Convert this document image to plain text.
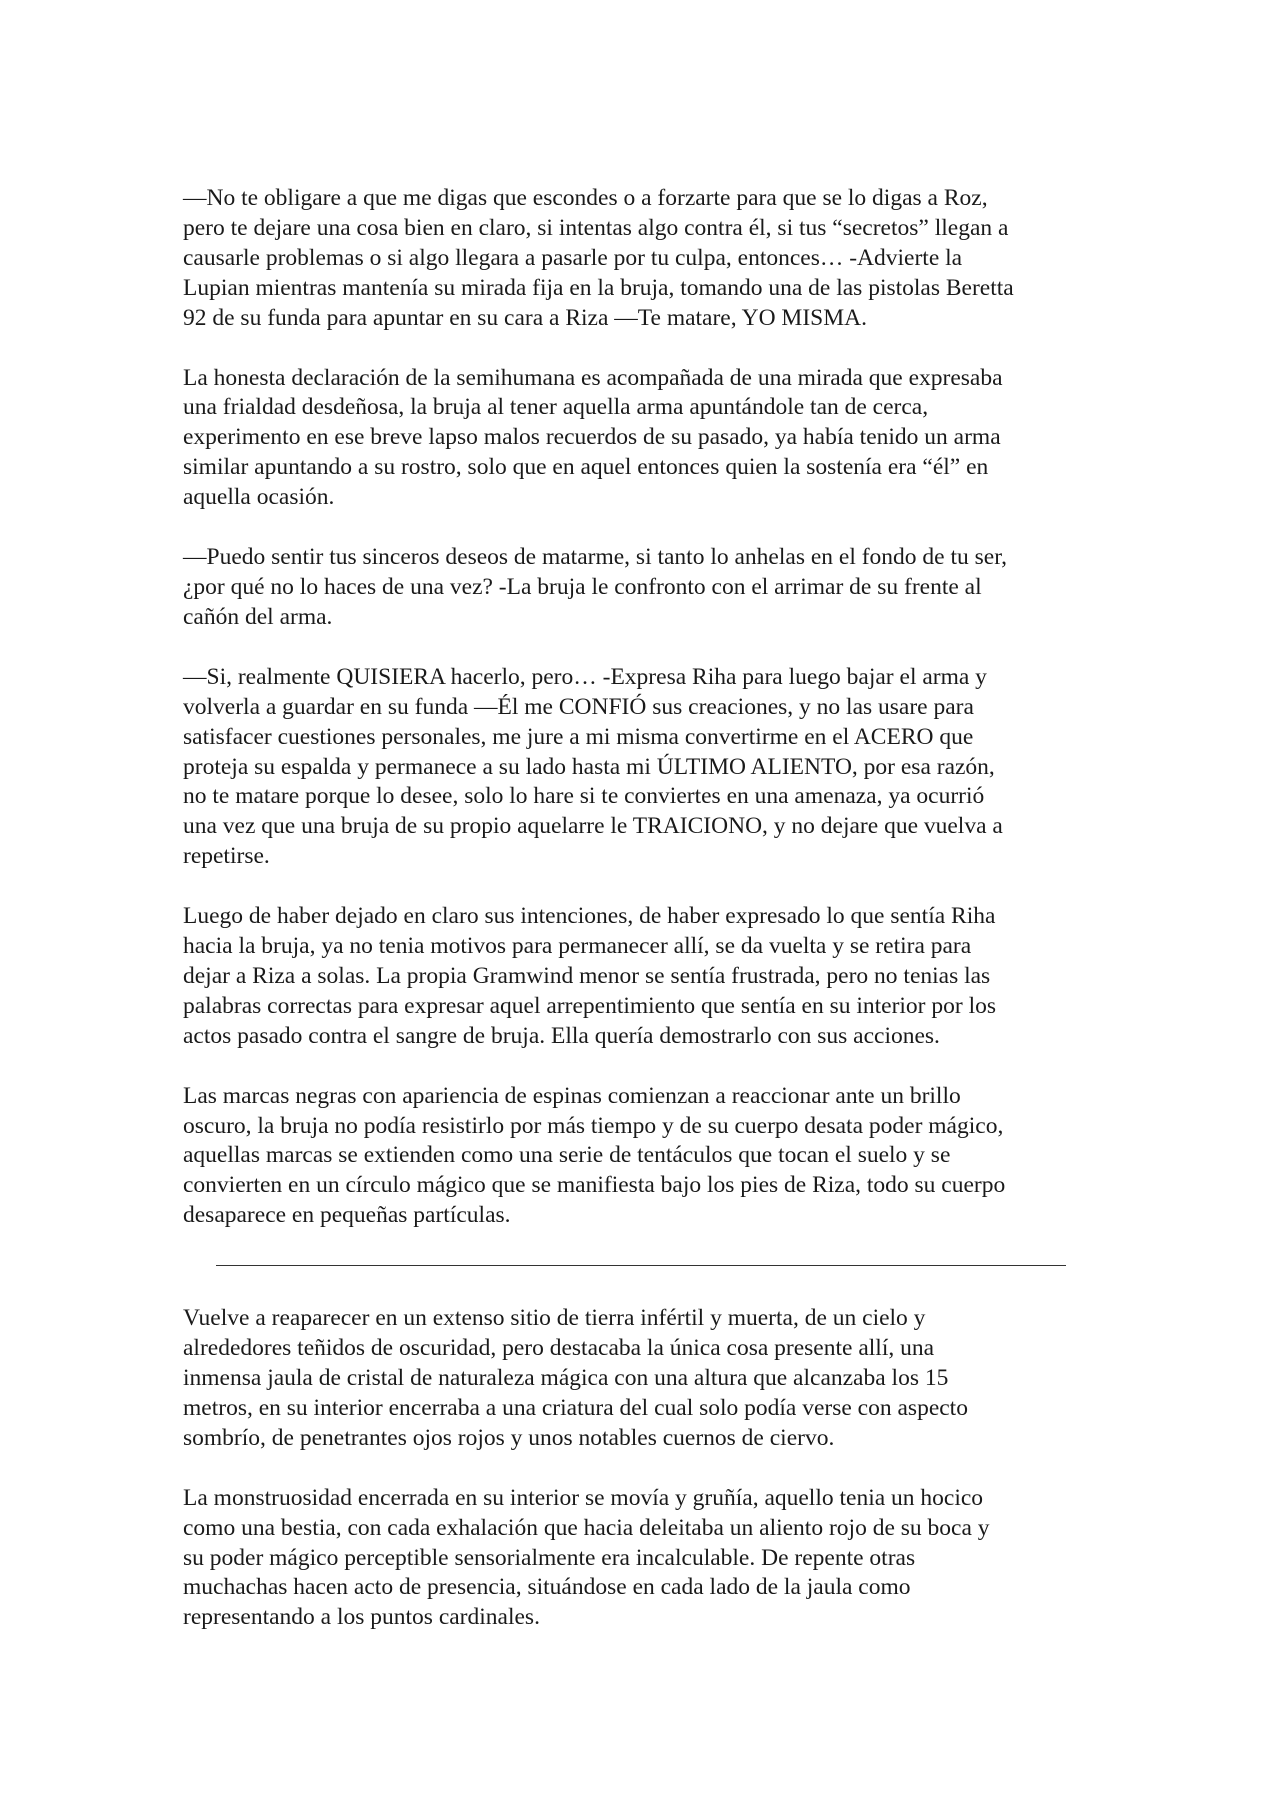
—No te obligare a que me digas que escondes o a forzarte para que se lo digas a Roz,
pero te dejare una cosa bien en claro, si intentas algo contra él, si tus “secretos” llegan a
causarle problemas o si algo llegara a pasarle por tu culpa, entonces… -Advierte la
Lupian mientras mantenía su mirada fija en la bruja, tomando una de las pistolas Beretta
92 de su funda para apuntar en su cara a Riza —Te matare, YO MISMA.

La honesta declaración de la semihumana es acompañada de una mirada que expresaba
una frialdad desdeñosa, la bruja al tener aquella arma apuntándole tan de cerca,
experimento en ese breve lapso malos recuerdos de su pasado, ya había tenido un arma
similar apuntando a su rostro, solo que en aquel entonces quien la sostenía era “él” en
aquella ocasión.

—Puedo sentir tus sinceros deseos de matarme, si tanto lo anhelas en el fondo de tu ser,
¿por qué no lo haces de una vez? -La bruja le confronto con el arrimar de su frente al
cañón del arma.

—Si, realmente QUISIERA hacerlo, pero… -Expresa Riha para luego bajar el arma y
volverla a guardar en su funda —Él me CONFIÓ sus creaciones, y no las usare para
satisfacer cuestiones personales, me jure a mi misma convertirme en el ACERO que
proteja su espalda y permanece a su lado hasta mi ÚLTIMO ALIENTO, por esa razón,
no te matare porque lo desee, solo lo hare si te conviertes en una amenaza, ya ocurrió
una vez que una bruja de su propio aquelarre le TRAICIONO, y no dejare que vuelva a
repetirse.

Luego de haber dejado en claro sus intenciones, de haber expresado lo que sentía Riha
hacia la bruja, ya no tenia motivos para permanecer allí, se da vuelta y se retira para
dejar a Riza a solas. La propia Gramwind menor se sentía frustrada, pero no tenias las
palabras correctas para expresar aquel arrepentimiento que sentía en su interior por los
actos pasado contra el sangre de bruja. Ella quería demostrarlo con sus acciones.

Las marcas negras con apariencia de espinas comienzan a reaccionar ante un brillo
oscuro, la bruja no podía resistirlo por más tiempo y de su cuerpo desata poder mágico,
aquellas marcas se extienden como una serie de tentáculos que tocan el suelo y se
convierten en un círculo mágico que se manifiesta bajo los pies de Riza, todo su cuerpo
desaparece en pequeñas partículas.

Vuelve a reaparecer en un extenso sitio de tierra infértil y muerta, de un cielo y
alrededores teñidos de oscuridad, pero destacaba la única cosa presente allí, una
inmensa jaula de cristal de naturaleza mágica con una altura que alcanzaba los 15
metros, en su interior encerraba a una criatura del cual solo podía verse con aspecto
sombrío, de penetrantes ojos rojos y unos notables cuernos de ciervo.

La monstruosidad encerrada en su interior se movía y gruñía, aquello tenia un hocico
como una bestia, con cada exhalación que hacia deleitaba un aliento rojo de su boca y
su poder mágico perceptible sensorialmente era incalculable. De repente otras
muchachas hacen acto de presencia, situándose en cada lado de la jaula como
representando a los puntos cardinales.
